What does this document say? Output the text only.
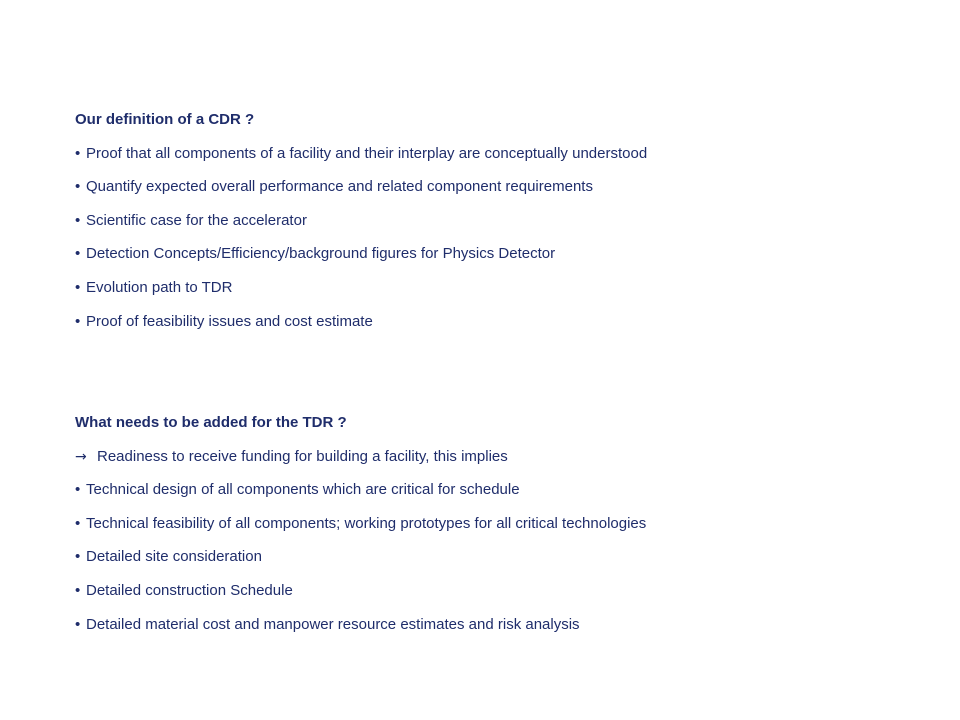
Our definition of a CDR ?
• Proof that all components of a facility and their interplay are conceptually understood
• Quantify expected overall performance and related component requirements
• Scientific case for the accelerator
• Detection Concepts/Efficiency/background figures for Physics Detector
• Evolution path to TDR
• Proof of feasibility issues and cost estimate
What needs to be added for the TDR ?
→ Readiness to receive funding for building a facility, this implies
• Technical design of all components which are critical for schedule
• Technical feasibility of all components; working prototypes for all critical technologies
• Detailed site consideration
• Detailed construction Schedule
• Detailed material cost and manpower resource estimates and risk analysis
